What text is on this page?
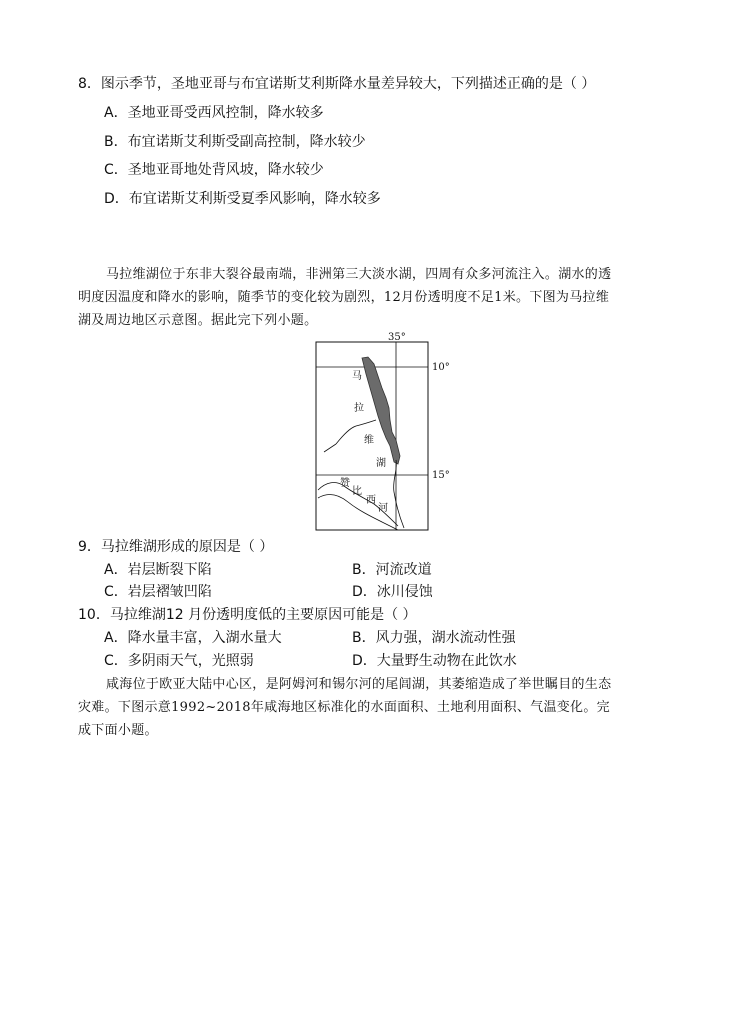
8．图示季节，圣地亚哥与布宜诺斯艾利斯降水量差异较大，下列描述正确的是（ ）
A．圣地亚哥受西风控制，降水较多
B．布宜诺斯艾利斯受副高控制，降水较少
C．圣地亚哥地处背风坡，降水较少
D．布宜诺斯艾利斯受夏季风影响，降水较多
马拉维湖位于东非大裂谷最南端，非洲第三大淡水湖，四周有众多河流注入。湖水的透
明度因温度和降水的影响，随季节的变化较为剧烈，12月份透明度不足1米。下图为马拉维
湖及周边地区示意图。据此完下列小题。
35°
10°
15°
马
拉
维
湖
赞
比
西
河
9．马拉维湖形成的原因是（ ）
A．岩层断裂下陷	B．河流改道
C．岩层褶皱凹陷	D．冰川侵蚀
10．马拉维湖12 月份透明度低的主要原因可能是（ ）
A．降水量丰富，入湖水量大	B．风力强，湖水流动性强
C．多阴雨天气，光照弱	D．大量野生动物在此饮水
咸海位于欧亚大陆中心区，是阿姆河和锡尔河的尾闾湖，其萎缩造成了举世瞩目的生态
灾难。下图示意1992~2018年咸海地区标准化的水面面积、土地利用面积、气温变化。完
成下面小题。
